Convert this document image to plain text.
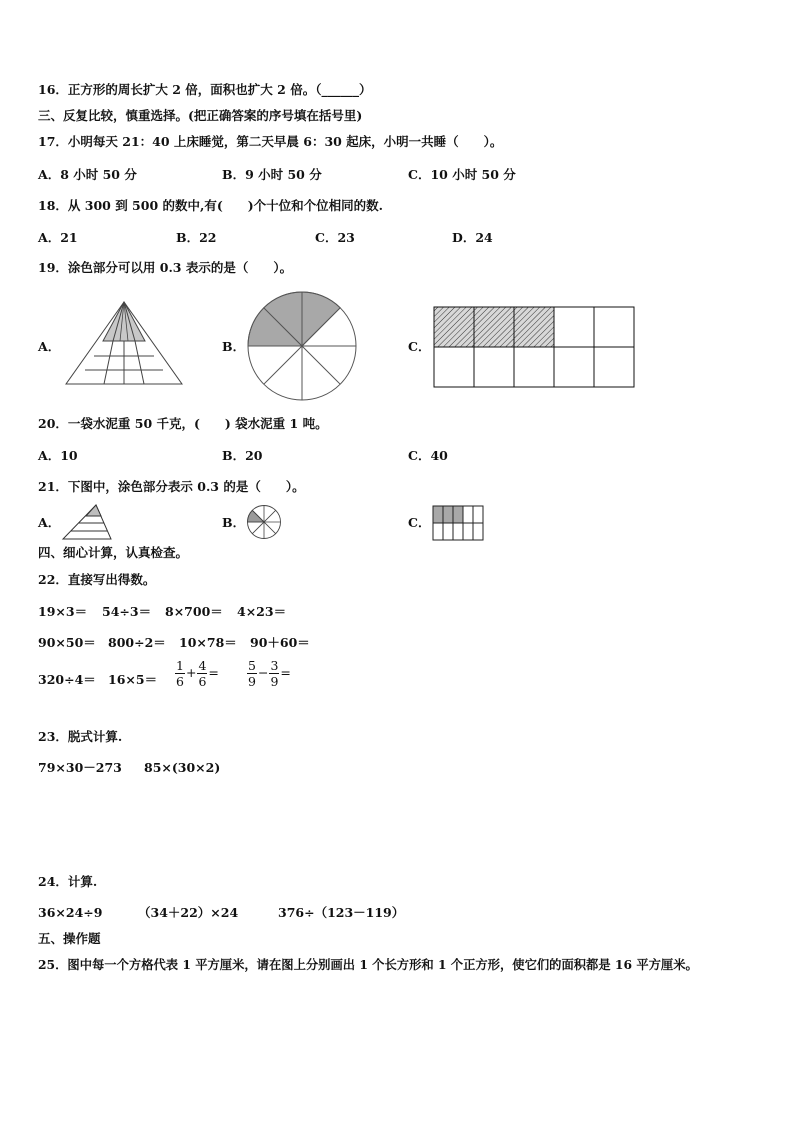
16．正方形的周长扩大 2 倍，面积也扩大 2 倍。（______）
三、反复比较，慎重选择。(把正确答案的序号填在括号里)
17．小明每天 21：40 上床睡觉，第二天早晨 6：30 起床，小明一共睡（　　）。
A．8 小时 50 分	B．9 小时 50 分	C．10 小时 50 分
18．从 300 到 500 的数中,有(　　)个十位和个位相同的数.
A．21	B．22	C．23	D．24
19．涂色部分可以用 0.3 表示的是（　　）。
A．	B．	C．
20．一袋水泥重 50 千克，(　　) 袋水泥重 1 吨。
A．10	B．20	C．40
21．下图中，涂色部分表示 0.3 的是（　　）。
A．	B．	C．
四、细心计算，认真检查。
22．直接写出得数。
19×3＝ 54÷3＝ 8×700＝ 4×23＝
90×50＝ 800÷2＝ 10×78＝ 90＋60＝
$320\div 4= 16\times 5= \frac{1}{6} + \frac{4}{6} = \frac{5}{9} - \frac{3}{9}$ =
23．脱式计算.
79×30－273 85×(30×2)
24．计算.
36×24÷9	（34＋22）×24	376÷（123－119）
五、操作题
25．图中每一个方格代表 1 平方厘米，请在图上分别画出 1 个长方形和 1 个正方形，使它们的面积都是 16 平方厘米。
